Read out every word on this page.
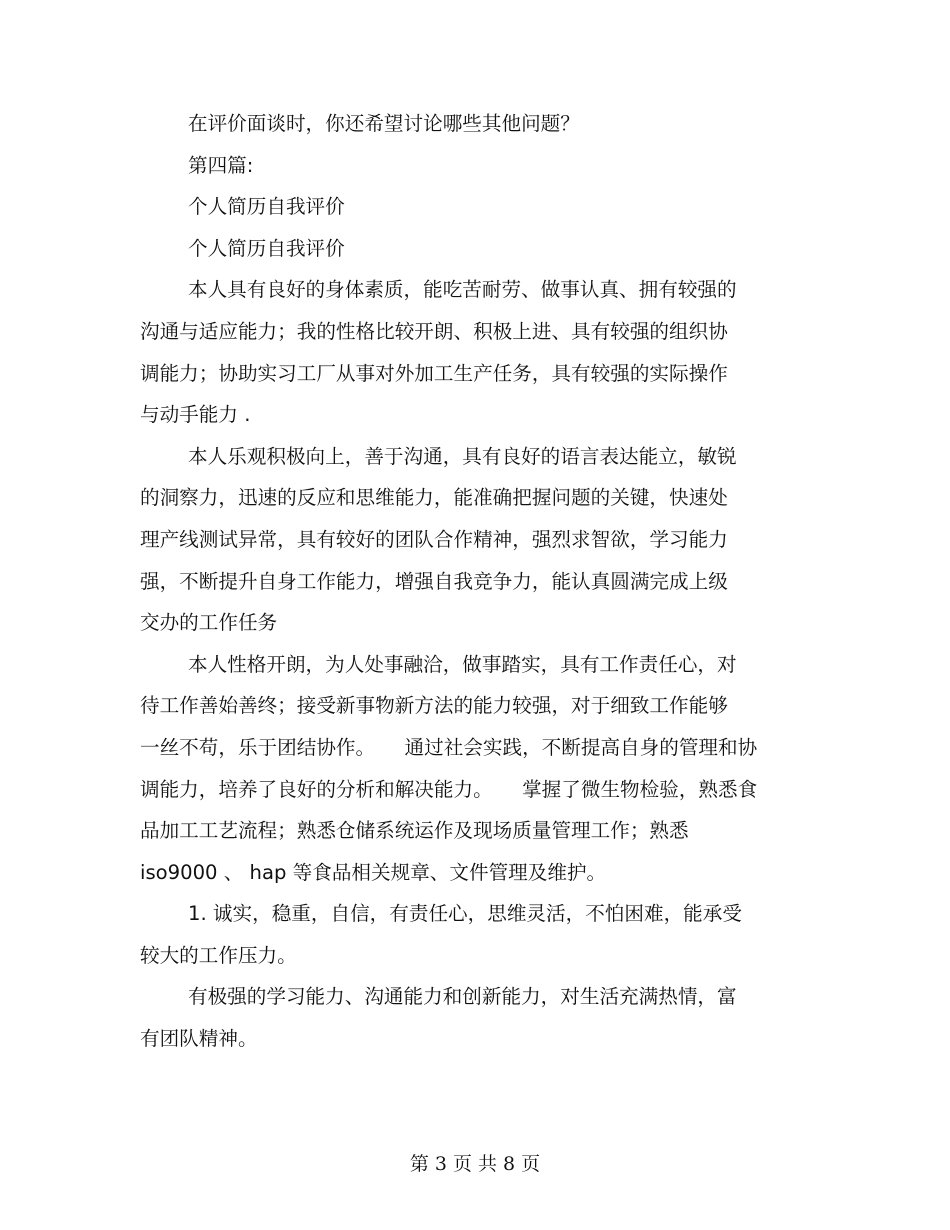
在评价面谈时，你还希望讨论哪些其他问题？
第四篇:
个人简历自我评价
个人简历自我评价
本人具有良好的身体素质，能吃苦耐劳、做事认真、拥有较强的
沟通与适应能力；我的性格比较开朗、积极上进、具有较强的组织协
调能力；协助实习工厂从事对外加工生产任务，具有较强的实际操作
与动手能力 .
本人乐观积极向上，善于沟通，具有良好的语言表达能立，敏锐
的洞察力，迅速的反应和思维能力，能准确把握问题的关键，快速处
理产线测试异常，具有较好的团队合作精神，强烈求智欲，学习能力
强，不断提升自身工作能力，增强自我竞争力，能认真圆满完成上级
交办的工作任务
本人性格开朗，为人处事融洽，做事踏实，具有工作责任心，对
待工作善始善终；接受新事物新方法的能力较强，对于细致工作能够
一丝不苟，乐于团结协作。　　通过社会实践，不断提高自身的管理和协
调能力，培养了良好的分析和解决能力。　　掌握了微生物检验，熟悉食
品加工工艺流程；熟悉仓储系统运作及现场质量管理工作；熟悉
iso9000 、 hap 等食品相关规章、文件管理及维护。
1. 诚实，稳重，自信，有责任心，思维灵活，不怕困难，能承受
较大的工作压力。
有极强的学习能力、沟通能力和创新能力，对生活充满热情，富
有团队精神。
第 3 页 共 8 页
